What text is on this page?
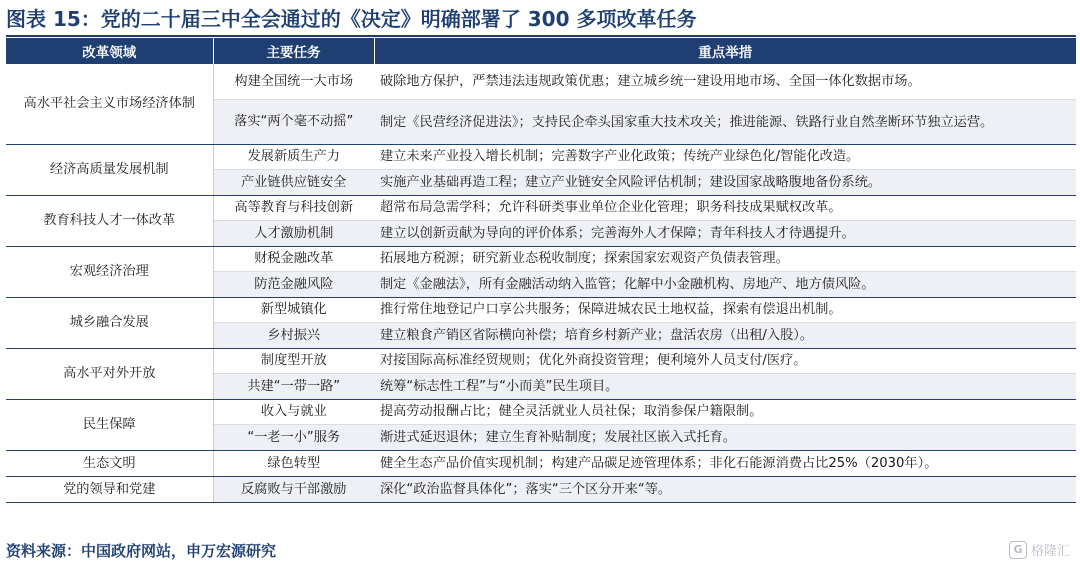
图表 15：党的二十届三中全会通过的《决定》明确部署了 300 多项改革任务
改革领域	主要任务	重点举措
高水平社会主义市场经济体制	构建全国统一大市场	破除地方保护，严禁违法违规政策优惠；建立城乡统一建设用地市场、全国一体化数据市场。
	落实“两个毫不动摇”	制定《民营经济促进法》；支持民企牵头国家重大技术攻关；推进能源、铁路行业自然垄断环节独立运营。
经济高质量发展机制	发展新质生产力	建立未来产业投入增长机制；完善数字产业化政策；传统产业绿色化/智能化改造。
	产业链供应链安全	实施产业基础再造工程；建立产业链安全风险评估机制；建设国家战略腹地备份系统。
教育科技人才一体改革	高等教育与科技创新	超常布局急需学科；允许科研类事业单位企业化管理；职务科技成果赋权改革。
	人才激励机制	建立以创新贡献为导向的评价体系；完善海外人才保障；青年科技人才待遇提升。
宏观经济治理	财税金融改革	拓展地方税源；研究新业态税收制度；探索国家宏观资产负债表管理。
	防范金融风险	制定《金融法》，所有金融活动纳入监管；化解中小金融机构、房地产、地方债风险。
城乡融合发展	新型城镇化	推行常住地登记户口享公共服务；保障进城农民土地权益，探索有偿退出机制。
	乡村振兴	建立粮食产销区省际横向补偿；培育乡村新产业；盘活农房（出租/入股）。
高水平对外开放	制度型开放	对接国际高标准经贸规则；优化外商投资管理；便利境外人员支付/医疗。
	共建“一带一路”	统筹“标志性工程”与“小而美”民生项目。
民生保障	收入与就业	提高劳动报酬占比；健全灵活就业人员社保；取消参保户籍限制。
	“一老一小”服务	渐进式延迟退休；建立生育补贴制度；发展社区嵌入式托育。
生态文明	绿色转型	健全生态产品价值实现机制；构建产品碳足迹管理体系；非化石能源消费占比25%（2030年）。
党的领导和党建	反腐败与干部激励	深化“政治监督具体化”；落实“三个区分开来“等。
资料来源：中国政府网站，申万宏源研究	G 格隆汇
